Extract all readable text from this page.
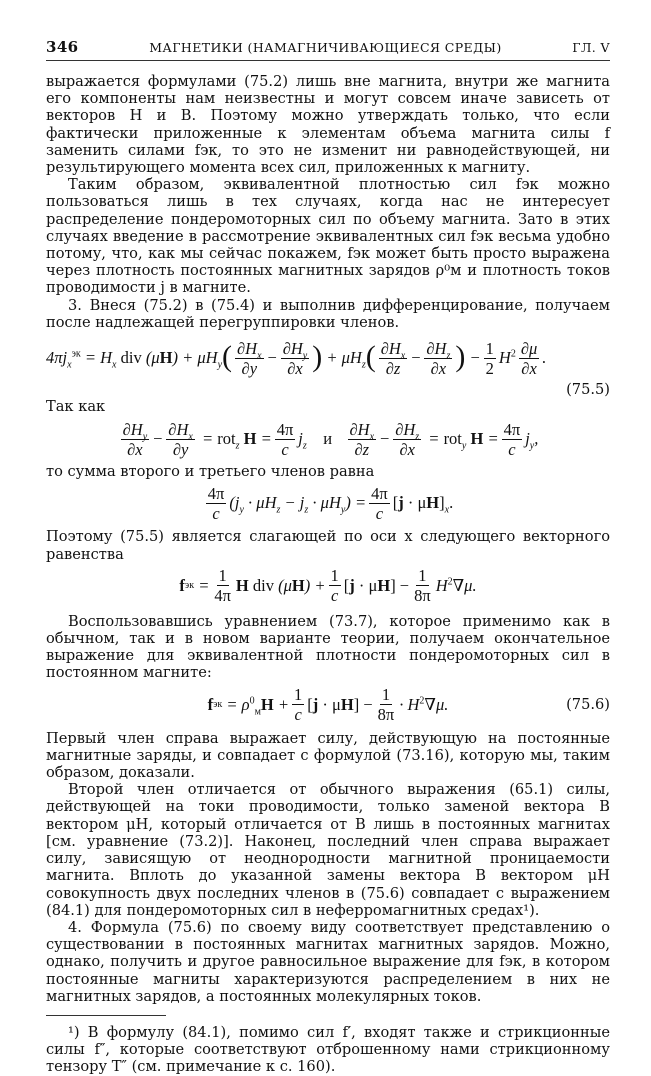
346	МАГНЕТИКИ (НАМАГНИЧИВАЮЩИЕСЯ СРЕДЫ)	ГЛ. V

выражается формулами (75.2) лишь вне магнита, внутри же магнита его компоненты нам неизвестны и могут совсем иначе зависеть от векторов H и B. Поэтому можно утверждать только, что если фактически приложенные к элементам объема магнита силы f заменить силами fэк, то это не изменит ни равнодействующей, ни результирующего момента всех сил, приложенных к магниту.

Таким образом, эквивалентной плотностью сил fэк можно пользоваться лишь в тех случаях, когда нас не интересует распределение пондеромоторных сил по объему магнита. Зато в этих случаях введение в рассмотрение эквивалентных сил fэк весьма удобно потому, что, как мы сейчас покажем, fэк может быть просто выражена через плотность постоянных магнитных зарядов ρ⁰м и плотность токов проводимости j в магните.

3. Внеся (75.2) в (75.4) и выполнив дифференцирование, получаем после надлежащей перегруппировки членов.

$4\pi j_x^{эк} = H_x$ div $(\mu H) + \mu H_y$ ( $\frac{\partial H_x}{\partial y} - \frac{\partial H_y}{\partial x}$ ) + $\mu H_z$ ( $\frac{\partial H_x}{\partial z} - \frac{\partial H_z}{\partial x}$ ) − $\frac{1}{2} H^2 \frac{\partial\mu}{\partial x}$ .
(75.5)

Так как

$\frac{\partial H_y}{\partial x} - \frac{\partial H_x}{\partial y} = rot_z$ $H = \frac{4\pi}{c} j_z$ и $\frac{\partial H_x}{\partial z} - \frac{\partial H_z}{\partial x} = rot_y$ $H = \frac{4\pi}{c} j_y$,

то сумма второго и третьего членов равна

$\frac{4\pi}{c} (j_y \cdot \mu H_z - j_z \cdot \mu H_y) = \frac{4\pi}{c} [j \cdot \mu H]_x$.

Поэтому (75.5) является слагающей по оси x следующего векторного равенства

f эк = $\frac{1}{4\pi}$ H div $(\mu H) + \frac{1}{c} [j \cdot \mu H] - \frac{1}{8\pi} H^2\nabla\mu$.

Воспользовавшись уравнением (73.7), которое применимо как в обычном, так и в новом варианте теории, получаем окончательное выражение для эквивалентной плотности пондеромоторных сил в постоянном магните:

f эк = $\rho^0_мH + \frac{1}{c} [j \cdot \mu H] - \frac{1}{8\pi} \cdot H^2\nabla\mu$.	(75.6)

Первый член справа выражает силу, действующую на постоянные магнитные заряды, и совпадает с формулой (73.16), которую мы, таким образом, доказали.

Второй член отличается от обычного выражения (65.1) силы, действующей на токи проводимости, только заменой вектора B вектором μH, который отличается от B лишь в постоянных магнитах [см. уравнение (73.2)]. Наконец, последний член справа выражает силу, зависящую от неоднородности магнитной проницаемости магнита. Вплоть до указанной замены вектора B вектором μH совокупность двух последних членов в (75.6) совпадает с выражением (84.1) для пондеромоторных сил в неферромагнитных средах¹).

4. Формула (75.6) по своему виду соответствует представлению о существовании в постоянных магнитах магнитных зарядов. Можно, однако, получить и другое равносильное выражение для fэк, в котором постоянные магниты характеризуются распределением в них не магнитных зарядов, а постоянных молекулярных токов.

¹) В формулу (84.1), помимо сил f′, входят также и стрикционные силы f″, которые соответствуют отброшенному нами стрикционному тензору T″ (см. примечание к с. 160).
